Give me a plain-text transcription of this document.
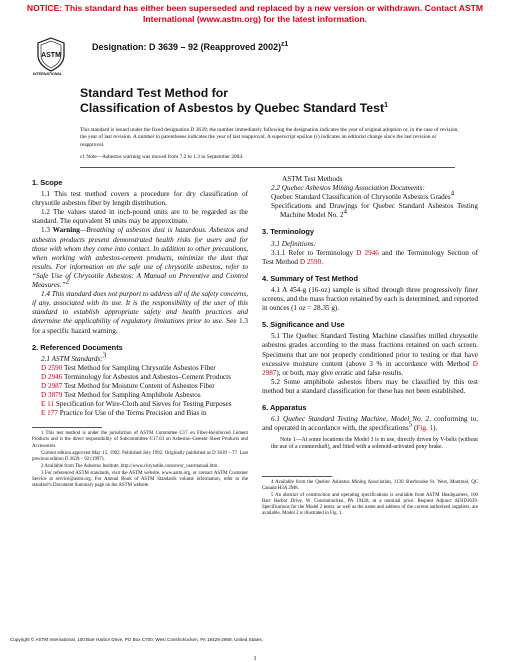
NOTICE: This standard has either been superseded and replaced by a new version or withdrawn. Contact ASTM
International (www.astm.org) for the latest information.
ASTM
INTERNATIONAL
Designation: D 3639 – 92 (Reapproved 2002)$^{\varepsilon 1}$
Standard Test Method for
Classification of Asbestos by Quebec Standard Test$^1$
This standard is issued under the fixed designation D 3639; the number immediately following the designation indicates the year of original adoption or, in the case of revision, the year of last revision. A number in parentheses indicates the year of last reapproval. A superscript epsilon (ε) indicates an editorial change since the last revision or reapproval.
ε1 Note—Asbestos warning was moved from 7.2 to 1.3 in September 2004.

1. Scope

1.1 This test method covers a procedure for dry classification of chrysotile asbestos fiber by length distribution.

1.2 The values stated in inch-pound units are to be regarded as the standard. The equivalent SI units may be approximate.

1.3 Warning—Breathing of asbestos dust is hazardous. Asbestos and asbestos products present demonstrated health risks for users and for those with whom they come into contact. In addition to other precautions, when working with asbestos-cement products, minimize the dust that results. For information on the safe use of chrysotile asbestos, refer to “Safe Use of Chrysotile Asbestos: A Manual on Preventive and Control Measures.”2

1.4 This standard does not purport to address all of the safety concerns, if any, associated with its use. It is the responsibility of the user of this standard to establish appropriate safety and health practices and determine the applicability of regulatory limitations prior to use. See 1.3 for a specific hazard warning.

2. Referenced Documents

2.1 ASTM Standards:3

D 2590 Test Method for Sampling Chrysotile Asbestos Fiber

D 2946 Terminology for Asbestos and Asbestos–Cement Products

D 2987 Test Method for Moisture Content of Asbestos Fiber

D 3879 Test Method for Sampling Amphibole Asbestos

E 11 Specification for Wire-Cloth and Sieves for Testing Purposes

E 177 Practice for Use of the Terms Precision and Bias in

1 This test method is under the jurisdiction of ASTM Committee C17 on Fiber-Reinforced Cement Products and is the direct responsibility of Subcommittee C17.03 on Asbestos–Cement Sheet Products and Accessories.

Current edition approved May 15, 1992. Published July 1992. Originally published as D 3639 – 77. Last previous edition D 3639 – 92 (1997).

2 Available from The Asbestos Institute, http://www.chrysotile.com/en/sr_use/manual.htm.

3 For referenced ASTM standards, visit the ASTM website, www.astm.org, or contact ASTM Customer Service at service@astm.org. For Annual Book of ASTM Standards volume information, refer to the standard’s Document Summary page on the ASTM website.

ASTM Test Methods

2.2 Quebec Asbestos Mining Association Documents:

Quebec Standard Classification of Chrysotile Asbestos Grades4

Specifications and Drawings for Quebec Standard Asbestos Testing Machine Model No. 24

3. Terminology

3.1 Definitions:

3.1.1 Refer to Terminology D 2946 and the Terminology Section of Test Method D 2590.

4. Summary of Test Method

4.1 A 454-g (16-oz) sample is sifted through three progressively finer screens, and the mass fraction retained by each is determined, and reported in ounces (1 oz = 28.35 g).

5. Significance and Use

5.1 The Quebec Standard Testing Machine classifies milled chrysotile asbestos grades according to the mass fractions retained on each screen. Specimens that are not properly conditioned prior to testing or that have excessive moisture content (above 3 % in accordance with Method D 2987), or both, may give erratic and false results.

5.2 Some amphibole asbestos fibers may be classified by this test method but a standard classification for these has not been established.

6. Apparatus

6.1 Quebec Standard Testing Machine, Model No. 2, conforming to, and operated in accordance with, the specifications5 (Fig. 1).

Note 1—At some locations the Model 3 is in use, directly driven by V-belts (without the use of a countershaft), and fitted with a solenoid-activated pony brake.

4 Available from the Quebec Asbestos Mining Association, 1130 Sherbrooke St. West, Montreal, QC Canada H3A 2M8.

5 An abstract of construction and operating specifications is available from ASTM Headquarters, 100 Barr Harbor Drive, W. Conshohocken, PA 19428, at a nominal price. Request Adjunct ADJD3639. Specifications for the Model 2 tester, as well as the name and address of the current authorized suppliers, are available. Model 2 is illustrated in Fig. 1.

Copyright © ASTM International, 100 Barr Harbor Drive, PO Box C700, West Conshohocken, PA 19428-2959, United States.
1
